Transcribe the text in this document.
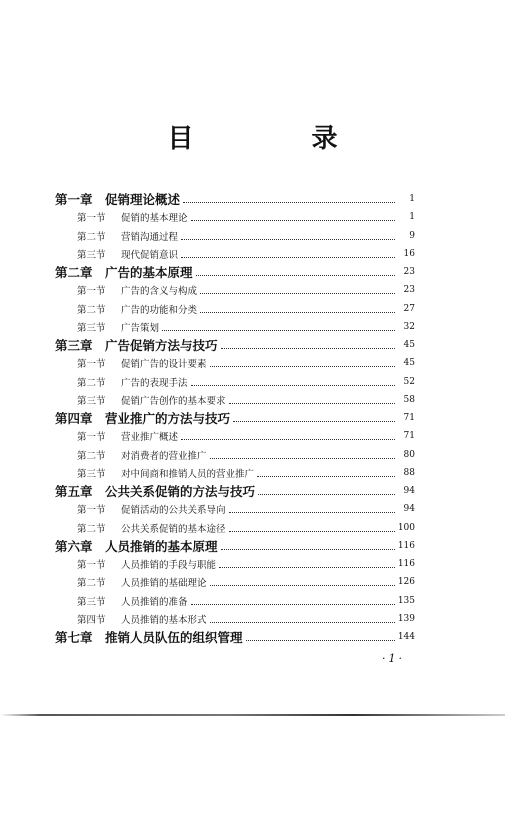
目　录
第一章 促销理论概述	1
第一节	促销的基本理论	1
第二节	营销沟通过程	9
第三节	现代促销意识	16
第二章 广告的基本原理	23
第一节	广告的含义与构成	23
第二节	广告的功能和分类	27
第三节	广告策划	32
第三章 广告促销方法与技巧	45
第一节	促销广告的设计要素	45
第二节	广告的表现手法	52
第三节	促销广告创作的基本要求	58
第四章 营业推广的方法与技巧	71
第一节	营业推广概述	71
第二节	对消费者的营业推广	80
第三节	对中间商和推销人员的营业推广	88
第五章 公共关系促销的方法与技巧	94
第一节	促销活动的公共关系导向	94
第二节	公共关系促销的基本途径	100
第六章 人员推销的基本原理	116
第一节	人员推销的手段与职能	116
第二节	人员推销的基础理论	126
第三节	人员推销的准备	135
第四节	人员推销的基本形式	139
第七章 推销人员队伍的组织管理	144
·1·
